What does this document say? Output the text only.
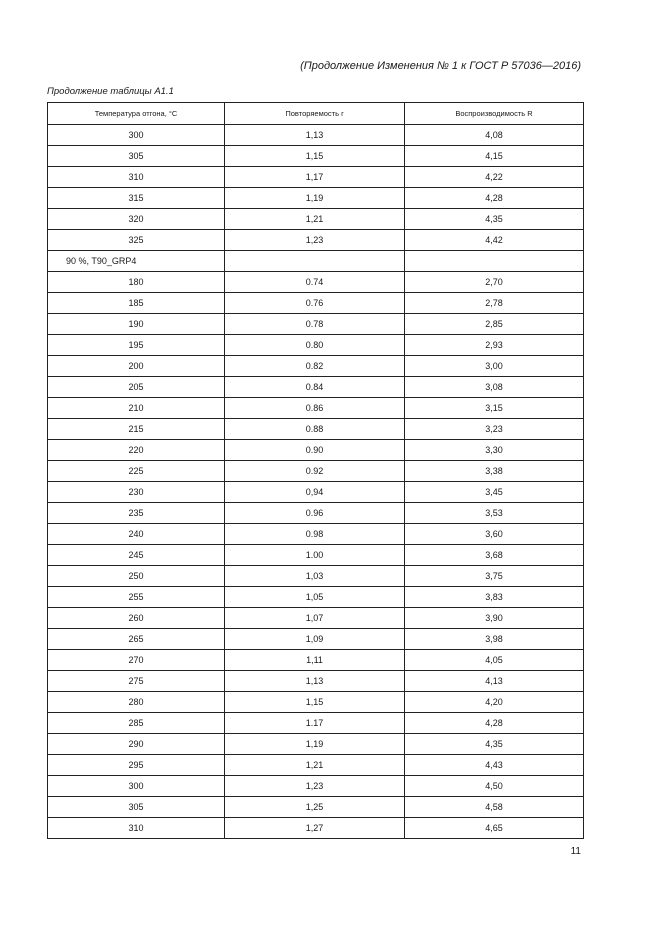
(Продолжение Изменения № 1 к ГОСТ Р 57036—2016)
Продолжение таблицы А1.1
Температура отгона, °C	Повторяемость r	Воспроизводимость R
300	1,13	4,08
305	1,15	4,15
310	1,17	4,22
315	1,19	4,28
320	1,21	4,35
325	1,23	4,42
90 %, T90_GRP4		
180	0.74	2,70
185	0.76	2,78
190	0.78	2,85
195	0.80	2,93
200	0.82	3,00
205	0.84	3,08
210	0.86	3,15
215	0.88	3,23
220	0.90	3,30
225	0.92	3,38
230	0,94	3,45
235	0.96	3,53
240	0.98	3,60
245	1.00	3,68
250	1,03	3,75
255	1,05	3,83
260	1,07	3,90
265	1,09	3,98
270	1,11	4,05
275	1,13	4,13
280	1,15	4,20
285	1.17	4,28
290	1,19	4,35
295	1,21	4,43
300	1,23	4,50
305	1,25	4,58
310	1,27	4,65
11
